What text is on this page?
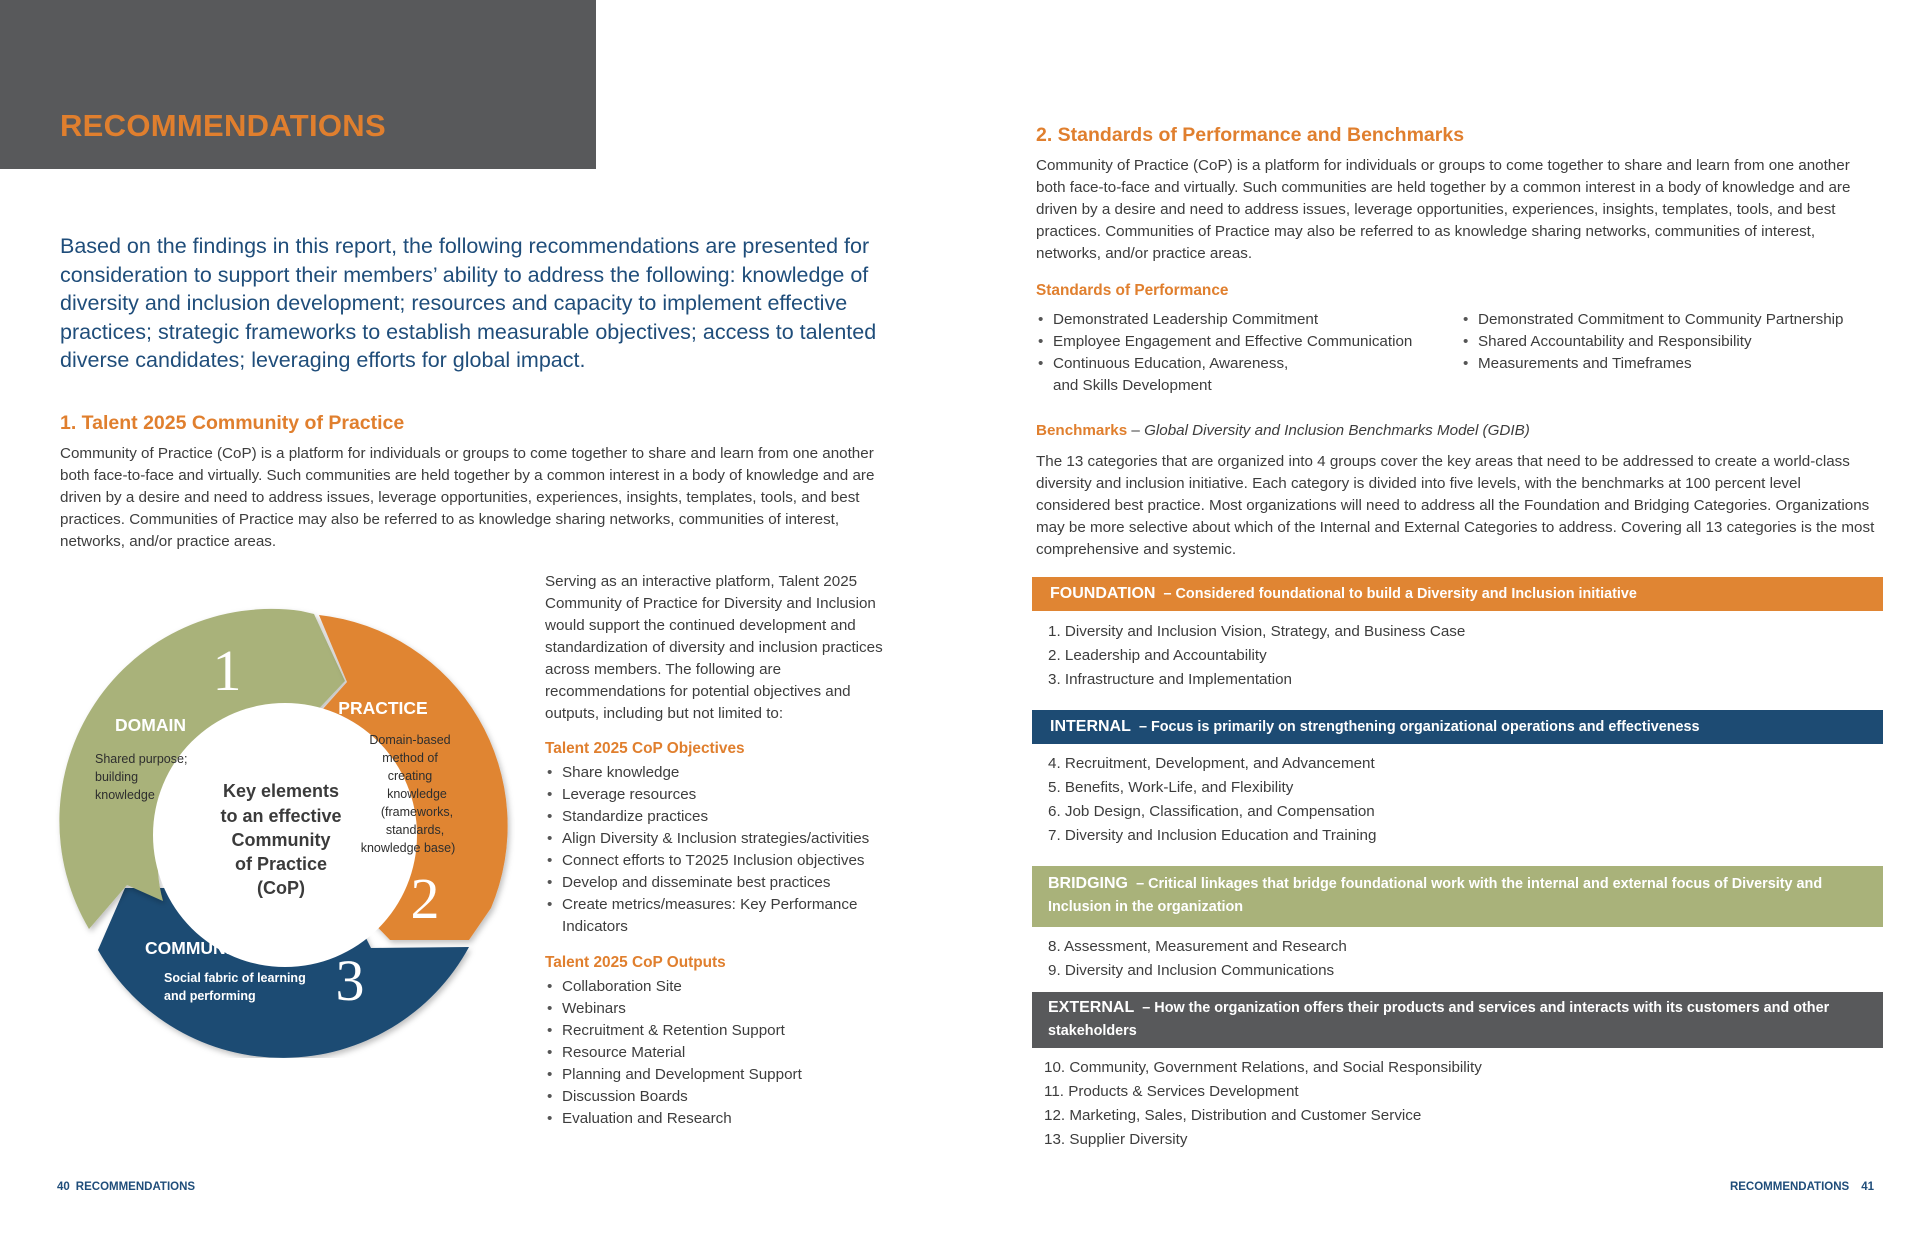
RECOMMENDATIONS
Based on the findings in this report, the following recommendations are presented for consideration to support their members’ ability to address the following: knowledge of diversity and inclusion development; resources and capacity to implement effective practices; strategic frameworks to establish measurable objectives; access to talented diverse candidates; leveraging efforts for global impact.
1. Talent 2025 Community of Practice
Community of Practice (CoP) is a platform for individuals or groups to come together to share and learn from one another both face-to-face and virtually. Such communities are held together by a common interest in a body of knowledge and are driven by a desire and need to address issues, leverage opportunities, experiences, insights, templates, tools, and best practices. Communities of Practice may also be referred to as knowledge sharing networks, communities of interest, networks, and/or practice areas.
Key elements
to an effective
Community
of Practice
(CoP)
1
2
3
DOMAIN
Shared purpose;
building
knowledge
PRACTICE
Domain-based
method of
creating
knowledge
(frameworks,
standards,
knowledge base)
COMMUNITY
Social fabric of learning
and performing
Serving as an interactive platform, Talent 2025 Community of Practice for Diversity and Inclusion would support the continued development and standardization of diversity and inclusion practices across members. The following are recommendations for potential objectives and outputs, including but not limited to:
Talent 2025 CoP Objectives
• Share knowledge
• Leverage resources
• Standardize practices
• Align Diversity & Inclusion strategies/activities
• Connect efforts to T2025 Inclusion objectives
• Develop and disseminate best practices
• Create metrics/measures: Key Performance Indicators
Talent 2025 CoP Outputs
• Collaboration Site
• Webinars
• Recruitment & Retention Support
• Resource Material
• Planning and Development Support
• Discussion Boards
• Evaluation and Research
40 RECOMMENDATIONS
2. Standards of Performance and Benchmarks
Community of Practice (CoP) is a platform for individuals or groups to come together to share and learn from one another both face-to-face and virtually. Such communities are held together by a common interest in a body of knowledge and are driven by a desire and need to address issues, leverage opportunities, experiences, insights, templates, tools, and best practices. Communities of Practice may also be referred to as knowledge sharing networks, communities of interest, networks, and/or practice areas.
Standards of Performance
• Demonstrated Leadership Commitment
• Employee Engagement and Effective Communication
• Continuous Education, Awareness, and Skills Development
• Demonstrated Commitment to Community Partnership
• Shared Accountability and Responsibility
• Measurements and Timeframes
Benchmarks – Global Diversity and Inclusion Benchmarks Model (GDIB)
The 13 categories that are organized into 4 groups cover the key areas that need to be addressed to create a world-class diversity and inclusion initiative. Each category is divided into five levels, with the benchmarks at 100 percent level considered best practice. Most organizations will need to address all the Foundation and Bridging Categories. Organizations may be more selective about which of the Internal and External Categories to address. Covering all 13 categories is the most comprehensive and systemic.
FOUNDATION – Considered foundational to build a Diversity and Inclusion initiative
1. Diversity and Inclusion Vision, Strategy, and Business Case
2. Leadership and Accountability
3. Infrastructure and Implementation
INTERNAL – Focus is primarily on strengthening organizational operations and effectiveness
4. Recruitment, Development, and Advancement
5. Benefits, Work-Life, and Flexibility
6. Job Design, Classification, and Compensation
7. Diversity and Inclusion Education and Training
BRIDGING – Critical linkages that bridge foundational work with the internal and external focus of Diversity and Inclusion in the organization
8. Assessment, Measurement and Research
9. Diversity and Inclusion Communications
EXTERNAL – How the organization offers their products and services and interacts with its customers and other stakeholders
10. Community, Government Relations, and Social Responsibility
11. Products & Services Development
12. Marketing, Sales, Distribution and Customer Service
13. Supplier Diversity
RECOMMENDATIONS 41
